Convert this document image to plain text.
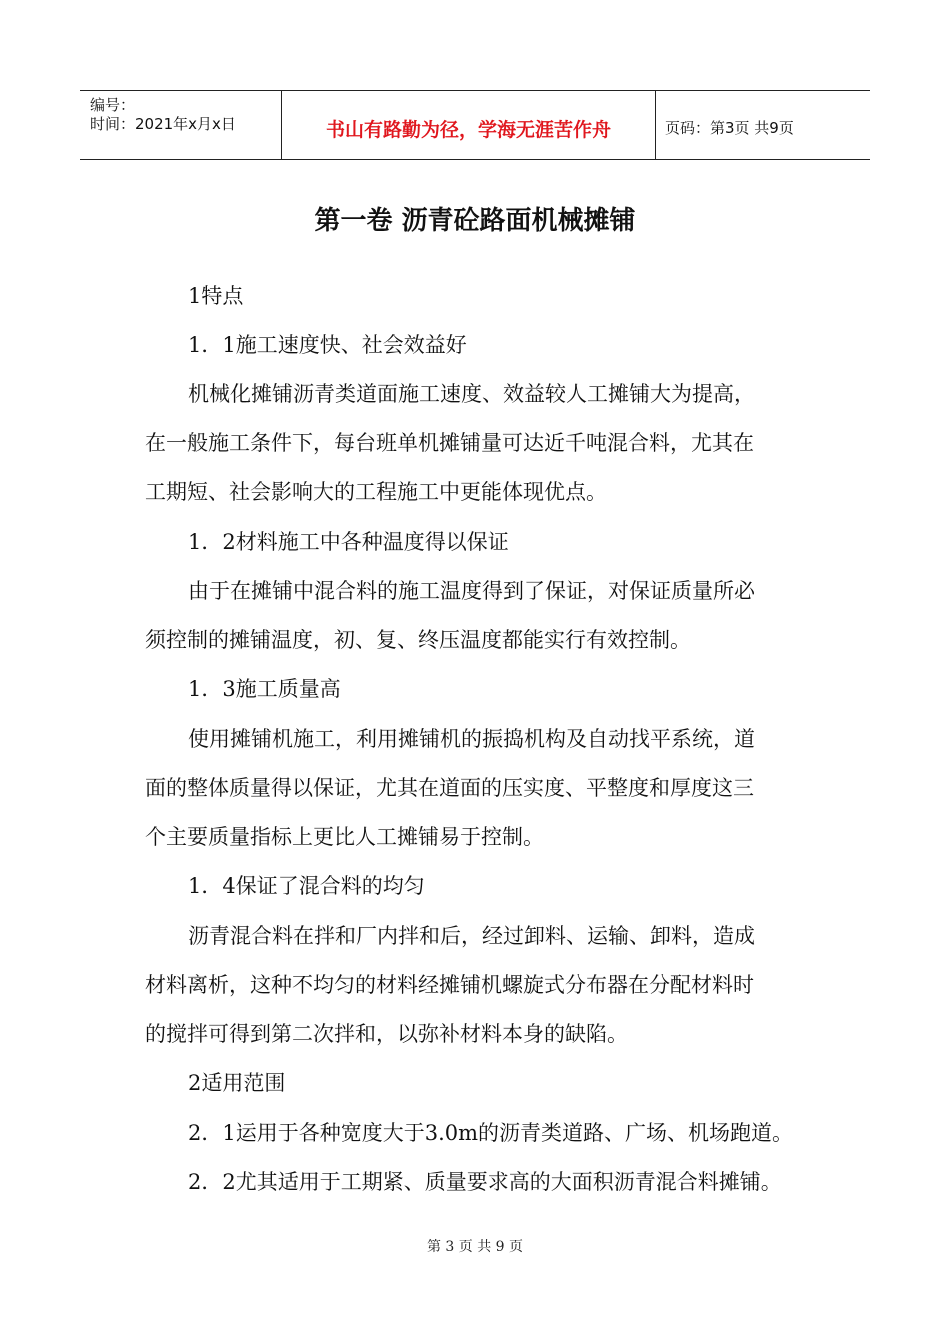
编号：
时间：2021年x月x日	书山有路勤为径，学海无涯苦作舟	页码：第3页 共9页
第一卷 沥青砼路面机械摊铺
1特点
1．1施工速度快、社会效益好
机械化摊铺沥青类道面施工速度、效益较人工摊铺大为提高，
在一般施工条件下，每台班单机摊铺量可达近千吨混合料，尤其在
工期短、社会影响大的工程施工中更能体现优点。
1．2材料施工中各种温度得以保证
由于在摊铺中混合料的施工温度得到了保证，对保证质量所必
须控制的摊铺温度，初、复、终压温度都能实行有效控制。
1．3施工质量高
使用摊铺机施工，利用摊铺机的振捣机构及自动找平系统，道
面的整体质量得以保证，尤其在道面的压实度、平整度和厚度这三
个主要质量指标上更比人工摊铺易于控制。
1．4保证了混合料的均匀
沥青混合料在拌和厂内拌和后，经过卸料、运输、卸料，造成
材料离析，这种不均匀的材料经摊铺机螺旋式分布器在分配材料时
的搅拌可得到第二次拌和，以弥补材料本身的缺陷。
2适用范围
2．1运用于各种宽度大于3.0m的沥青类道路、广场、机场跑道。
2．2尤其适用于工期紧、质量要求高的大面积沥青混合料摊铺。
第 3 页 共 9 页
